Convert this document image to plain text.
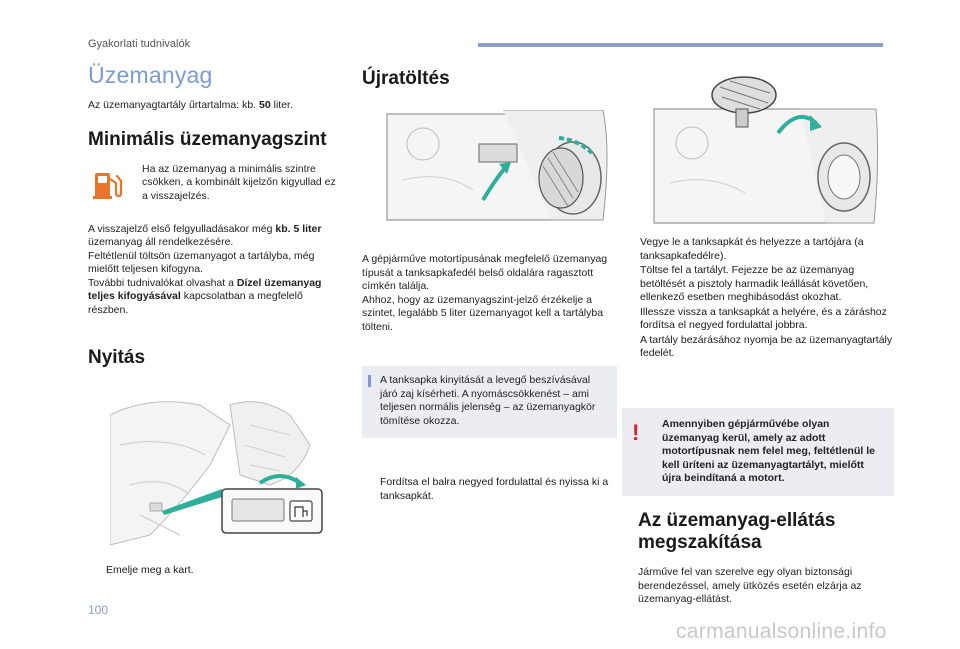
Gyakorlati tudnivalók
Üzemanyag

Az üzemanyagtartály űrtartalma: kb. 50 liter.

Minimális üzemanyagszint

Ha az üzemanyag a minimális szintre csökken, a kombinált kijelzőn kigyullad ez a visszajelzés.

A visszajelző első felgyulladásakor még kb. 5 liter üzemanyag áll rendelkezésére.

Feltétlenül töltsön üzemanyagot a tartályba, még mielőtt teljesen kifogyna.

További tudnivalókat olvashat a Dízel üzemanyag teljes kifogyásával kapcsolatban a megfelelő részben.

Nyitás
Emelje meg a kart.
Újratöltés

A gépjárműve motortípusának megfelelő üzemanyag típusát a tanksapkafedél belső oldalára ragasztott címkén találja.

Ahhoz, hogy az üzemanyagszint-jelző érzékelje a szintet, legalább 5 liter üzemanyagot kell a tartályba tölteni.

A tanksapka kinyitását a levegő beszívásával járó zaj kísérheti. A nyomáscsökkenést – ami teljesen normális jelenség – az üzemanyagkör tömítése okozza.

Fordítsa el balra negyed fordulattal és nyissa ki a tanksapkát.
Vegye le a tanksapkát és helyezze a tartójára (a tanksapkafedélre).
Töltse fel a tartályt. Fejezze be az üzemanyag betöltését a pisztoly harmadik leállását követően, ellenkező esetben meghibásodást okozhat.
Illessze vissza a tanksapkát a helyére, és a záráshoz fordítsa el negyed fordulattal jobbra.
A tartály bezárásához nyomja be az üzemanyagtartály fedelét.
! Amennyiben gépjárművébe olyan üzemanyag kerül, amely az adott motortípusnak nem felel meg, feltétlenül le kell üríteni az üzemanyagtartályt, mielőtt újra beindítaná a motort.

Az üzemanyag-ellátás megszakítása

Járműve fel van szerelve egy olyan biztonsági berendezéssel, amely ütközés esetén elzárja az üzemanyag-ellátást.

100
carmanualsonline.info
